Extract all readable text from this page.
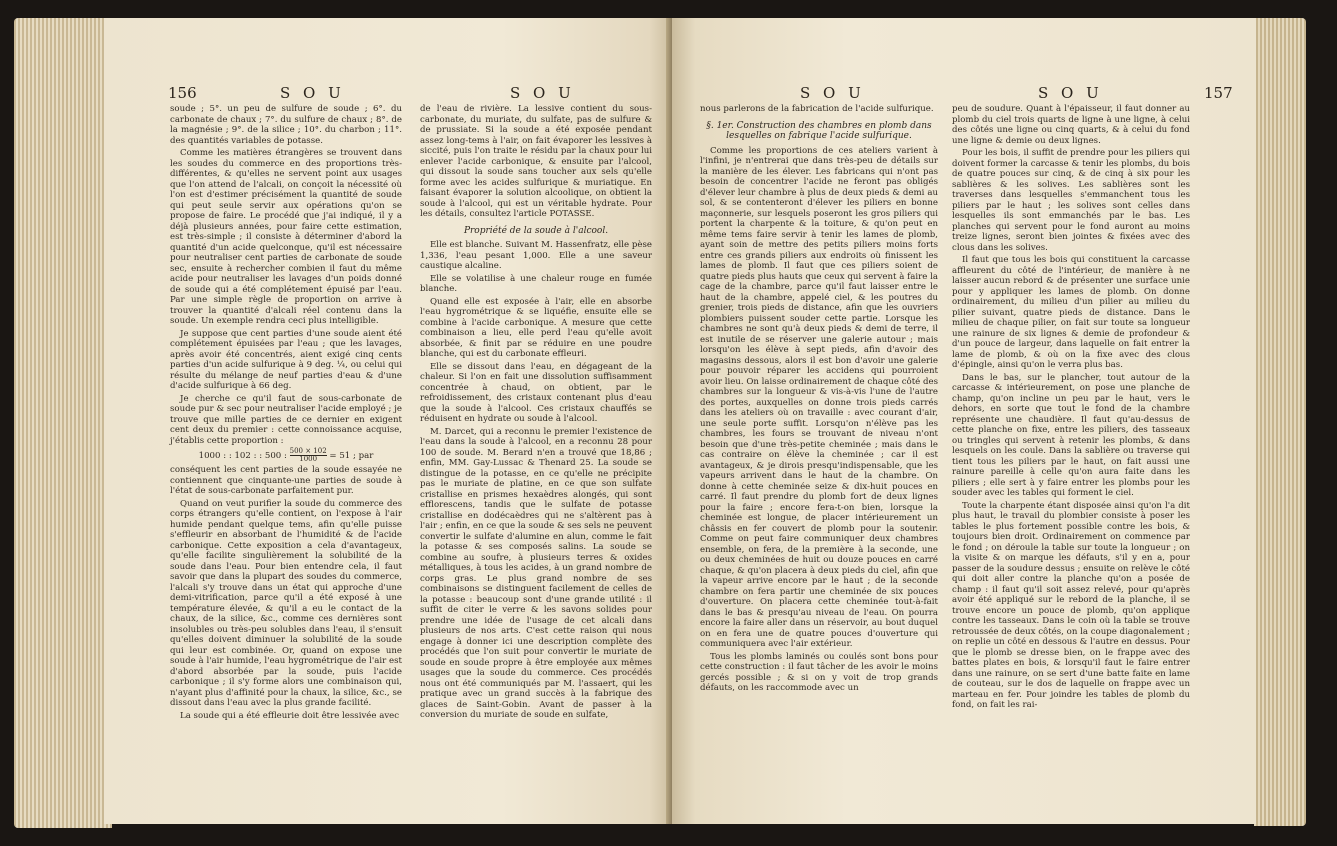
156	S O U	S O U

soude ; 5°. un peu de sulfure de soude ; 6°. du carbonate de chaux ; 7°. du sulfure de chaux ; 8°. de la magnésie ; 9°. de la silice ; 10°. du charbon ; 11°. des quantités variables de potasse.

Comme les matières étrangères se trouvent dans les soudes du commerce en des proportions très-différentes, & qu'elles ne servent point aux usages que l'on attend de l'alcali, on conçoit la nécessité où l'on est d'estimer précisément la quantité de soude qui peut seule servir aux opérations qu'on se propose de faire. Le procédé que j'ai indiqué, il y a déjà plusieurs années, pour faire cette estimation, est très-simple ; il consiste à déterminer d'abord la quantité d'un acide quelconque, qu'il est nécessaire pour neutraliser cent parties de carbonate de soude sec, ensuite à rechercher combien il faut du même acide pour neutraliser les lavages d'un poids donné de soude qui a été complétement épuisé par l'eau. Par une simple règle de proportion on arrive à trouver la quantité d'alcali réel contenu dans la soude. Un exemple rendra ceci plus intelligible.

Je suppose que cent parties d'une soude aient été complétement épuisées par l'eau ; que les lavages, après avoir été concentrés, aient exigé cinq cents parties d'un acide sulfurique à 9 deg. ¼, ou celui qui résulte du mélange de neuf parties d'eau & d'une d'acide sulfurique à 66 deg.

Je cherche ce qu'il faut de sous-carbonate de soude pur & sec pour neutraliser l'acide employé ; je trouve que mille parties de ce dernier en exigent cent deux du premier : cette connoissance acquise, j'établis cette proportion :

1000 : : 102 : : 500 : $\frac{500 \times 102}{1000} = 51$ ; par

conséquent les cent parties de la soude essayée ne contiennent que cinquante-une parties de soude à l'état de sous-carbonate parfaitement pur.

Quand on veut purifier la soude du commerce des corps étrangers qu'elle contient, on l'expose à l'air humide pendant quelque tems, afin qu'elle puisse s'effleurir en absorbant de l'humidité & de l'acide carbonique. Cette exposition a cela d'avantageux, qu'elle facilite singulièrement la solubilité de la soude dans l'eau. Pour bien entendre cela, il faut savoir que dans la plupart des soudes du commerce, l'alcali s'y trouve dans un état qui approche d'une demi-vitrification, parce qu'il a été exposé à une température élevée, & qu'il a eu le contact de la chaux, de la silice, &c., comme ces dernières sont insolubles ou très-peu solubles dans l'eau, il s'ensuit qu'elles doivent diminuer la solubilité de la soude qui leur est combinée. Or, quand on expose une soude à l'air humide, l'eau hygrométrique de l'air est d'abord absorbée par la soude, puis l'acide carbonique ; il s'y forme alors une combinaison qui, n'ayant plus d'affinité pour la chaux, la silice, &c., se dissout dans l'eau avec la plus grande facilité.

La soude qui a été effleurie doit être lessivée avec

de l'eau de rivière. La lessive contient du sous-carbonate, du muriate, du sulfate, pas de sulfure & de prussiate. Si la soude a été exposée pendant assez long-tems à l'air, on fait évaporer les lessives à siccité, puis l'on traite le résidu par la chaux pour lui enlever l'acide carbonique, & ensuite par l'alcool, qui dissout la soude sans toucher aux sels qu'elle forme avec les acides sulfurique & muriatique. En faisant évaporer la solution alcoolique, on obtient la soude à l'alcool, qui est un véritable hydrate. Pour les détails, consultez l'article POTASSE.

Propriété de la soude à l'alcool.

Elle est blanche. Suivant M. Hassenfratz, elle pèse 1,336, l'eau pesant 1,000. Elle a une saveur caustique alcaline.

Elle se volatilise à une chaleur rouge en fumée blanche.

Quand elle est exposée à l'air, elle en absorbe l'eau hygrométrique & se liquéfie, ensuite elle se combine à l'acide carbonique. A mesure que cette combinaison a lieu, elle perd l'eau qu'elle avoit absorbée, & finit par se réduire en une poudre blanche, qui est du carbonate effleuri.

Elle se dissout dans l'eau, en dégageant de la chaleur. Si l'on en fait une dissolution suffisamment concentrée à chaud, on obtient, par le refroidissement, des cristaux contenant plus d'eau que la soude à l'alcool. Ces cristaux chauffés se réduisent en hydrate ou soude à l'alcool.

M. Darcet, qui a reconnu le premier l'existence de l'eau dans la soude à l'alcool, en a reconnu 28 pour 100 de soude. M. Berard n'en a trouvé que 18,86 ; enfin, MM. Gay-Lussac & Thenard 25. La soude se distingue de la potasse, en ce qu'elle ne précipite pas le muriate de platine, en ce que son sulfate cristallise en prismes hexaèdres alongés, qui sont efflorescens, tandis que le sulfate de potasse cristallise en dodécaèdres qui ne s'altèrent pas à l'air ; enfin, en ce que la soude & ses sels ne peuvent convertir le sulfate d'alumine en alun, comme le fait la potasse & ses composés salins. La soude se combine au soufre, à plusieurs terres & oxides métalliques, à tous les acides, à un grand nombre de corps gras. Le plus grand nombre de ses combinaisons se distinguent facilement de celles de la potasse : beaucoup sont d'une grande utilité : il suffit de citer le verre & les savons solides pour prendre une idée de l'usage de cet alcali dans plusieurs de nos arts. C'est cette raison qui nous engage à donner ici une description complète des procédés que l'on suit pour convertir le muriate de soude en soude propre à être employée aux mêmes usages que la soude du commerce. Ces procédés nous ont été communiqués par M. l'assaert, qui les pratique avec un grand succès à la fabrique des glaces de Saint-Gobin. Avant de passer à la conversion du muriate de soude en sulfate,

S O U	S O U	157

nous parlerons de la fabrication de l'acide sulfurique.

§. 1er. Construction des chambres en plomb dans lesquelles on fabrique l'acide sulfurique.

Comme les proportions de ces ateliers varient à l'infini, je n'entrerai que dans très-peu de détails sur la manière de les élever. Les fabricans qui n'ont pas besoin de concentrer l'acide ne feront pas obligés d'élever leur chambre à plus de deux pieds & demi au sol, & se contenteront d'élever les piliers en bonne maçonnerie, sur lesquels poseront les gros piliers qui portent la charpente & la toiture, & qu'on peut en même tems faire servir à tenir les lames de plomb, ayant soin de mettre des petits piliers moins forts entre ces grands piliers aux endroits où finissent les lames de plomb. Il faut que ces piliers soient de quatre pieds plus hauts que ceux qui servent à faire la cage de la chambre, parce qu'il faut laisser entre le haut de la chambre, appelé ciel, & les poutres du grenier, trois pieds de distance, afin que les ouvriers plombiers puissent souder cette partie. Lorsque les chambres ne sont qu'à deux pieds & demi de terre, il est inutile de se réserver une galerie autour ; mais lorsqu'on les élève à sept pieds, afin d'avoir des magasins dessous, alors il est bon d'avoir une galerie pour pouvoir réparer les accidens qui pourroient avoir lieu. On laisse ordinairement de chaque côté des chambres sur la longueur & vis-à-vis l'une de l'autre des portes, auxquelles on donne trois pieds carrés dans les ateliers où on travaille : avec courant d'air, une seule porte suffit. Lorsqu'on n'élève pas les chambres, les fours se trouvant de niveau n'ont besoin que d'une très-petite cheminée ; mais dans le cas contraire on élève la cheminée ; car il est avantageux, & je dirois presqu'indispensable, que les vapeurs arrivent dans le haut de la chambre. On donne à cette cheminée seize & dix-huit pouces en carré. Il faut prendre du plomb fort de deux lignes pour la faire ; encore fera-t-on bien, lorsque la cheminée est longue, de placer intérieurement un châssis en fer couvert de plomb pour la soutenir. Comme on peut faire communiquer deux chambres ensemble, on fera, de la première à la seconde, une ou deux cheminées de huit ou douze pouces en carré chaque, & qu'on placera à deux pieds du ciel, afin que la vapeur arrive encore par le haut ; de la seconde chambre on fera partir une cheminée de six pouces d'ouverture. On placera cette cheminée tout-à-fait dans le bas & presqu'au niveau de l'eau. On pourra encore la faire aller dans un réservoir, au bout duquel on en fera une de quatre pouces d'ouverture qui communiquera avec l'air extérieur.

Tous les plombs laminés ou coulés sont bons pour cette construction : il faut tâcher de les avoir le moins gercés possible ; & si on y voit de trop grands défauts, on les raccommode avec un

peu de soudure. Quant à l'épaisseur, il faut donner au plomb du ciel trois quarts de ligne à une ligne, à celui des côtés une ligne ou cinq quarts, & à celui du fond une ligne & demie ou deux lignes.

Pour les bois, il suffit de prendre pour les piliers qui doivent former la carcasse & tenir les plombs, du bois de quatre pouces sur cinq, & de cinq à six pour les sablières & les solives. Les sablières sont les traverses dans lesquelles s'emmanchent tous les piliers par le haut ; les solives sont celles dans lesquelles ils sont emmanchés par le bas. Les planches qui servent pour le fond auront au moins treize lignes, seront bien jointes & fixées avec des clous dans les solives.

Il faut que tous les bois qui constituent la carcasse affleurent du côté de l'intérieur, de manière à ne laisser aucun rebord & de présenter une surface unie pour y appliquer les lames de plomb. On donne ordinairement, du milieu d'un pilier au milieu du pilier suivant, quatre pieds de distance. Dans le milieu de chaque pilier, on fait sur toute sa longueur une rainure de six lignes & demie de profondeur & d'un pouce de largeur, dans laquelle on fait entrer la lame de plomb, & où on la fixe avec des clous d'épingle, ainsi qu'on le verra plus bas.

Dans le bas, sur le plancher, tout autour de la carcasse & intérieurement, on pose une planche de champ, qu'on incline un peu par le haut, vers le dehors, en sorte que tout le fond de la chambre représente une chaudière. Il faut qu'au-dessus de cette planche on fixe, entre les piliers, des tasseaux ou tringles qui servent à retenir les plombs, & dans lesquels on les coule. Dans la sablière ou traverse qui tient tous les piliers par le haut, on fait aussi une rainure pareille à celle qu'on aura faite dans les piliers ; elle sert à y faire entrer les plombs pour les souder avec les tables qui forment le ciel.

Toute la charpente étant disposée ainsi qu'on l'a dit plus haut, le travail du plombier consiste à poser les tables le plus fortement possible contre les bois, & toujours bien droit. Ordinairement on commence par le fond ; on déroule la table sur toute la longueur ; on la visite & on marque les défauts, s'il y en a, pour passer de la soudure dessus ; ensuite on relève le côté qui doit aller contre la planche qu'on a posée de champ : il faut qu'il soit assez relevé, pour qu'après avoir été appliqué sur le rebord de la planche, il se trouve encore un pouce de plomb, qu'on applique contre les tasseaux. Dans le coin où la table se trouve retroussée de deux côtés, on la coupe diagonalement ; on replie un côté en dessous & l'autre en dessus. Pour que le plomb se dresse bien, on le frappe avec des battes plates en bois, & lorsqu'il faut le faire entrer dans une rainure, on se sert d'une batte faite en lame de couteau, sur le dos de laquelle on frappe avec un marteau en fer. Pour joindre les tables de plomb du fond, on fait les rai-
